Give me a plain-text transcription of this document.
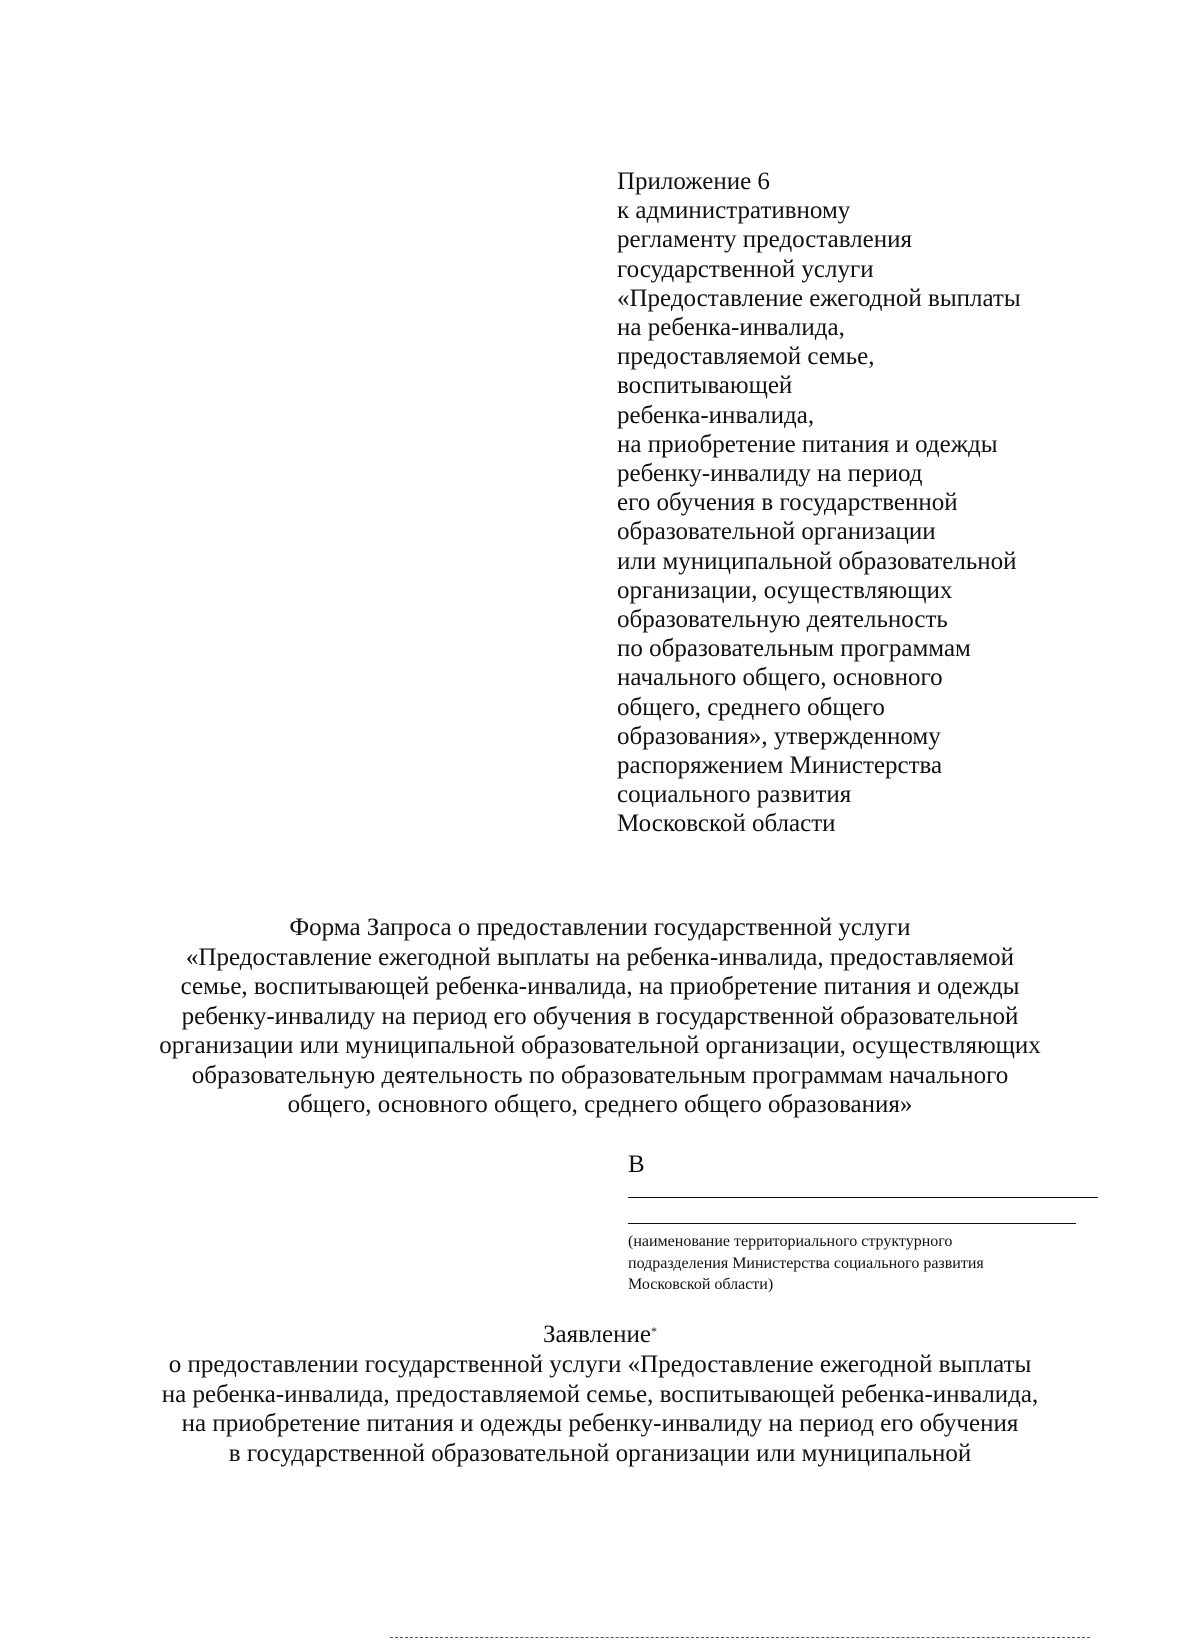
Приложение 6
к административному
регламенту предоставления
государственной услуги
«Предоставление ежегодной выплаты
на ребенка-инвалида,
предоставляемой семье,
воспитывающей
ребенка-инвалида,
на приобретение питания и одежды
ребенку-инвалиду на период
его обучения в государственной
образовательной организации
или муниципальной образовательной
организации, осуществляющих
образовательную деятельность
по образовательным программам
начального общего, основного
общего, среднего общего
образования», утвержденному
распоряжением Министерства
социального развития
Московской области
Форма Запроса о предоставлении государственной услуги
«Предоставление ежегодной выплаты на ребенка-инвалида, предоставляемой
семье, воспитывающей ребенка-инвалида, на приобретение питания и одежды
ребенку-инвалиду на период его обучения в государственной образовательной
организации или муниципальной образовательной организации, осуществляющих
образовательную деятельность по образовательным программам начального
общего, основного общего, среднего общего образования»
В
(наименование территориального структурного
подразделения Министерства социального развития
Московской области)
Заявление*
о предоставлении государственной услуги «Предоставление ежегодной выплаты
на ребенка-инвалида, предоставляемой семье, воспитывающей ребенка-инвалида,
на приобретение питания и одежды ребенку-инвалиду на период его обучения
в государственной образовательной организации или муниципальной
